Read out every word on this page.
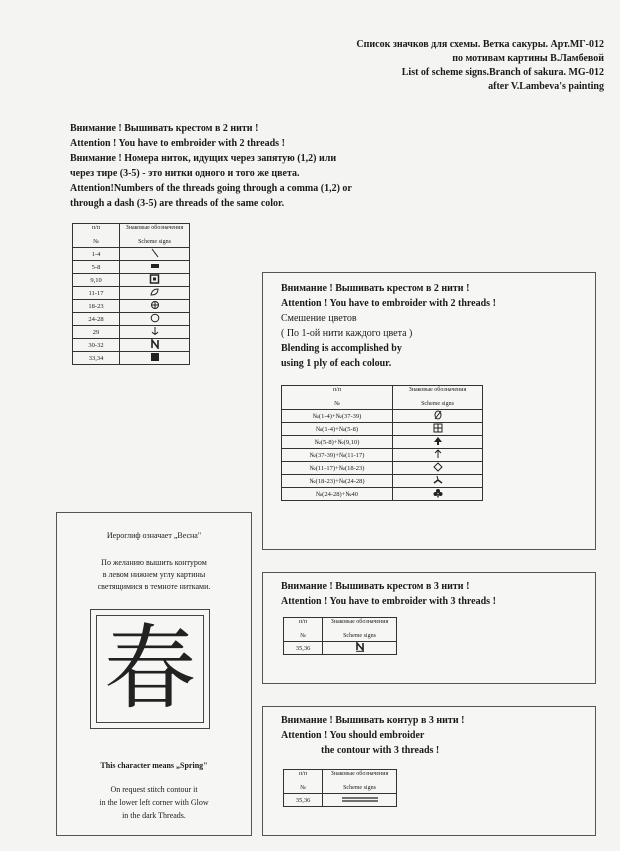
Список значков для схемы. Ветка сакуры. Арт.МГ-012
по мотивам картины В.Ламбевой
List of scheme signs.Branch of sakura. MG-012
after V.Lambeva's painting
Внимание ! Вышивать крестом в 2 нити !
Attention ! You have to embroider with 2 threads !
Внимание ! Номера ниток, идущих через запятую (1,2) или
через тире (3-5) - это нитки одного и того же цвета.
Attention!Numbers of the threads going through a comma (1,2) or
through a dash (3-5) are threads of the same color.
п/п

№	Знаковые обозначения

Scheme signs
1-4	
5-8	
9,10	
11-17	
18-23	
24-28	
29	
30-32	
33,34	
Внимание ! Вышивать крестом в 2 нити !
Attention ! You have to embroider with 2 threads !
Смешение цветов
( По 1-ой нити каждого цвета )
Blending is accomplished by
using 1 ply of each colour.
п/п

№	Знаковые обозначения

Scheme signs
№(1-4)+№(37-39)	
№(1-4)+№(5-8)	
№(5-8)+№(9,10)	
№(37-39)+№(11-17)	
№(11-17)+№(18-23)	
№(18-23)+№(24-28)	
№(24-28)+№40	
Иероглиф означает „Весна"
По желанию вышить контуром
в левом нижнем углу картины
светящимися в темноте нитками.
春
This character means „Spring"
On request stitch contour it
in the lower left corner with Glow
in the dark Threads.
Внимание ! Вышивать крестом в 3 нити !
Attention ! You have to embroider with 3 threads !
п/п

№	Знаковые обозначения

Scheme signs
35,36	
Внимание ! Вышивать контур в 3 нити !
Attention ! You should embroider
the contour with 3 threads !
п/п

№	Знаковые обозначения

Scheme signs
35,36	
